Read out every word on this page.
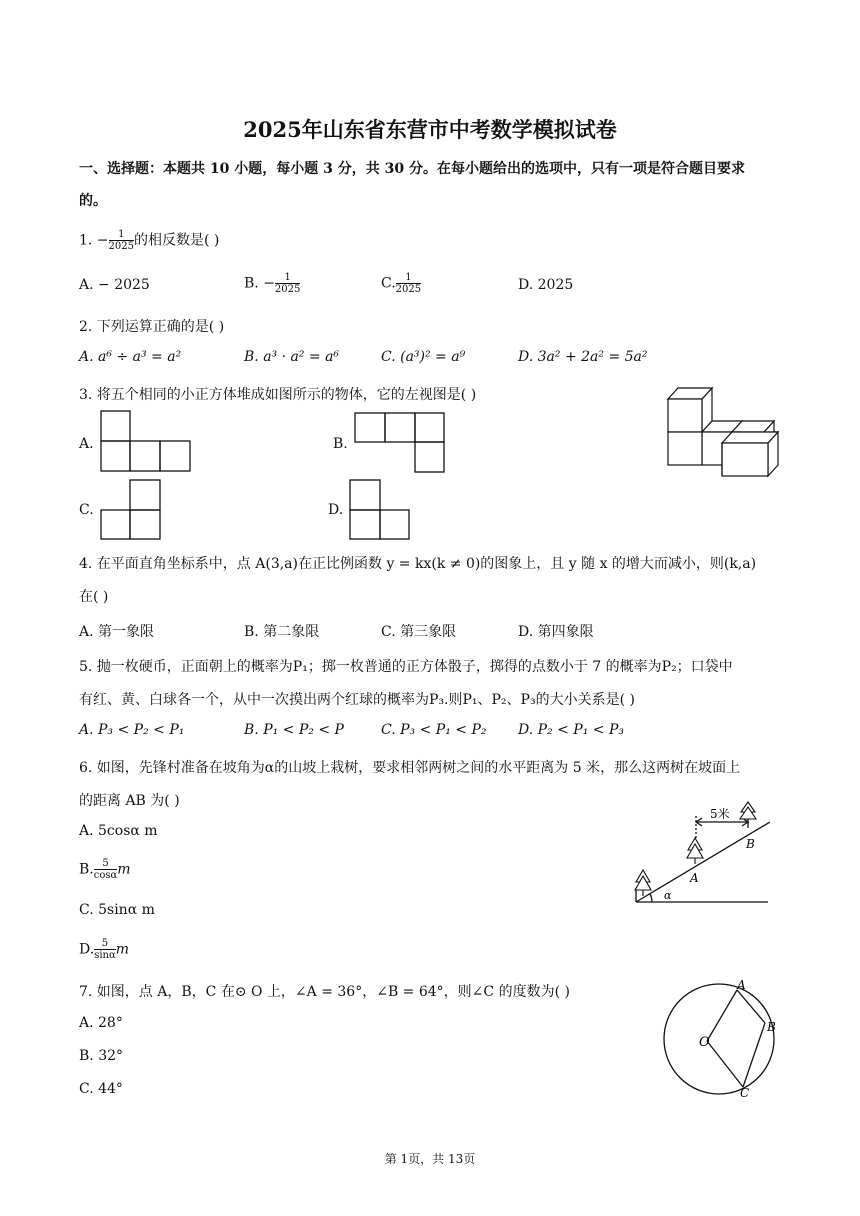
2025年山东省东营市中考数学模拟试卷
一、选择题：本题共 10 小题，每小题 3 分，共 30 分。在每小题给出的选项中，只有一项是符合题目要求
的。
1. − $\frac{1}{2025}$ 的相反数是( )
A. − 2025	B. − $\frac{1}{2025}$	C. $\frac{1}{2025}$	D. 2025
2. 下列运算正确的是( )
A. a⁶ ÷ a³ = a²	B. a³ · a² = a⁶	C. (a³)² = a⁹	D. 3a² + 2a² = 5a²
3. 将五个相同的小正方体堆成如图所示的物体，它的左视图是( )
A.	B.
C.	D.
4. 在平面直角坐标系中，点 A(3,a)在正比例函数 y = kx(k ≠ 0)的图象上，且 y 随 x 的增大而减小，则(k,a)
在( )
A. 第一象限	B. 第二象限	C. 第三象限	D. 第四象限
5. 抛一枚硬币，正面朝上的概率为P₁；掷一枚普通的正方体骰子，掷得的点数小于 7 的概率为P₂；口袋中
有红、黄、白球各一个，从中一次摸出两个红球的概率为P₃.则P₁、P₂、P₃的大小关系是( )
A. P₃ < P₂ < P₁	B. P₁ < P₂ < P	C. P₃ < P₁ < P₂ D. P₂ < P₁ < P₃
6. 如图，先锋村准备在坡角为α的山坡上栽树，要求相邻两树之间的水平距离为 5 米，那么这两树在坡面上
的距离 AB 为( )
A. 5cosα m
B. $\frac{5}{\cos\alpha}$ m
C. 5sinα m
D. $\frac{5}{\sin\alpha}$ m
5米
A
B
α
7. 如图，点 A，B，C 在⊙ O 上，∠A = 36°，∠B = 64°，则∠C 的度数为( )
A. 28°
B. 32°
C. 44°
A
B
C
O
第 1页，共 13页
